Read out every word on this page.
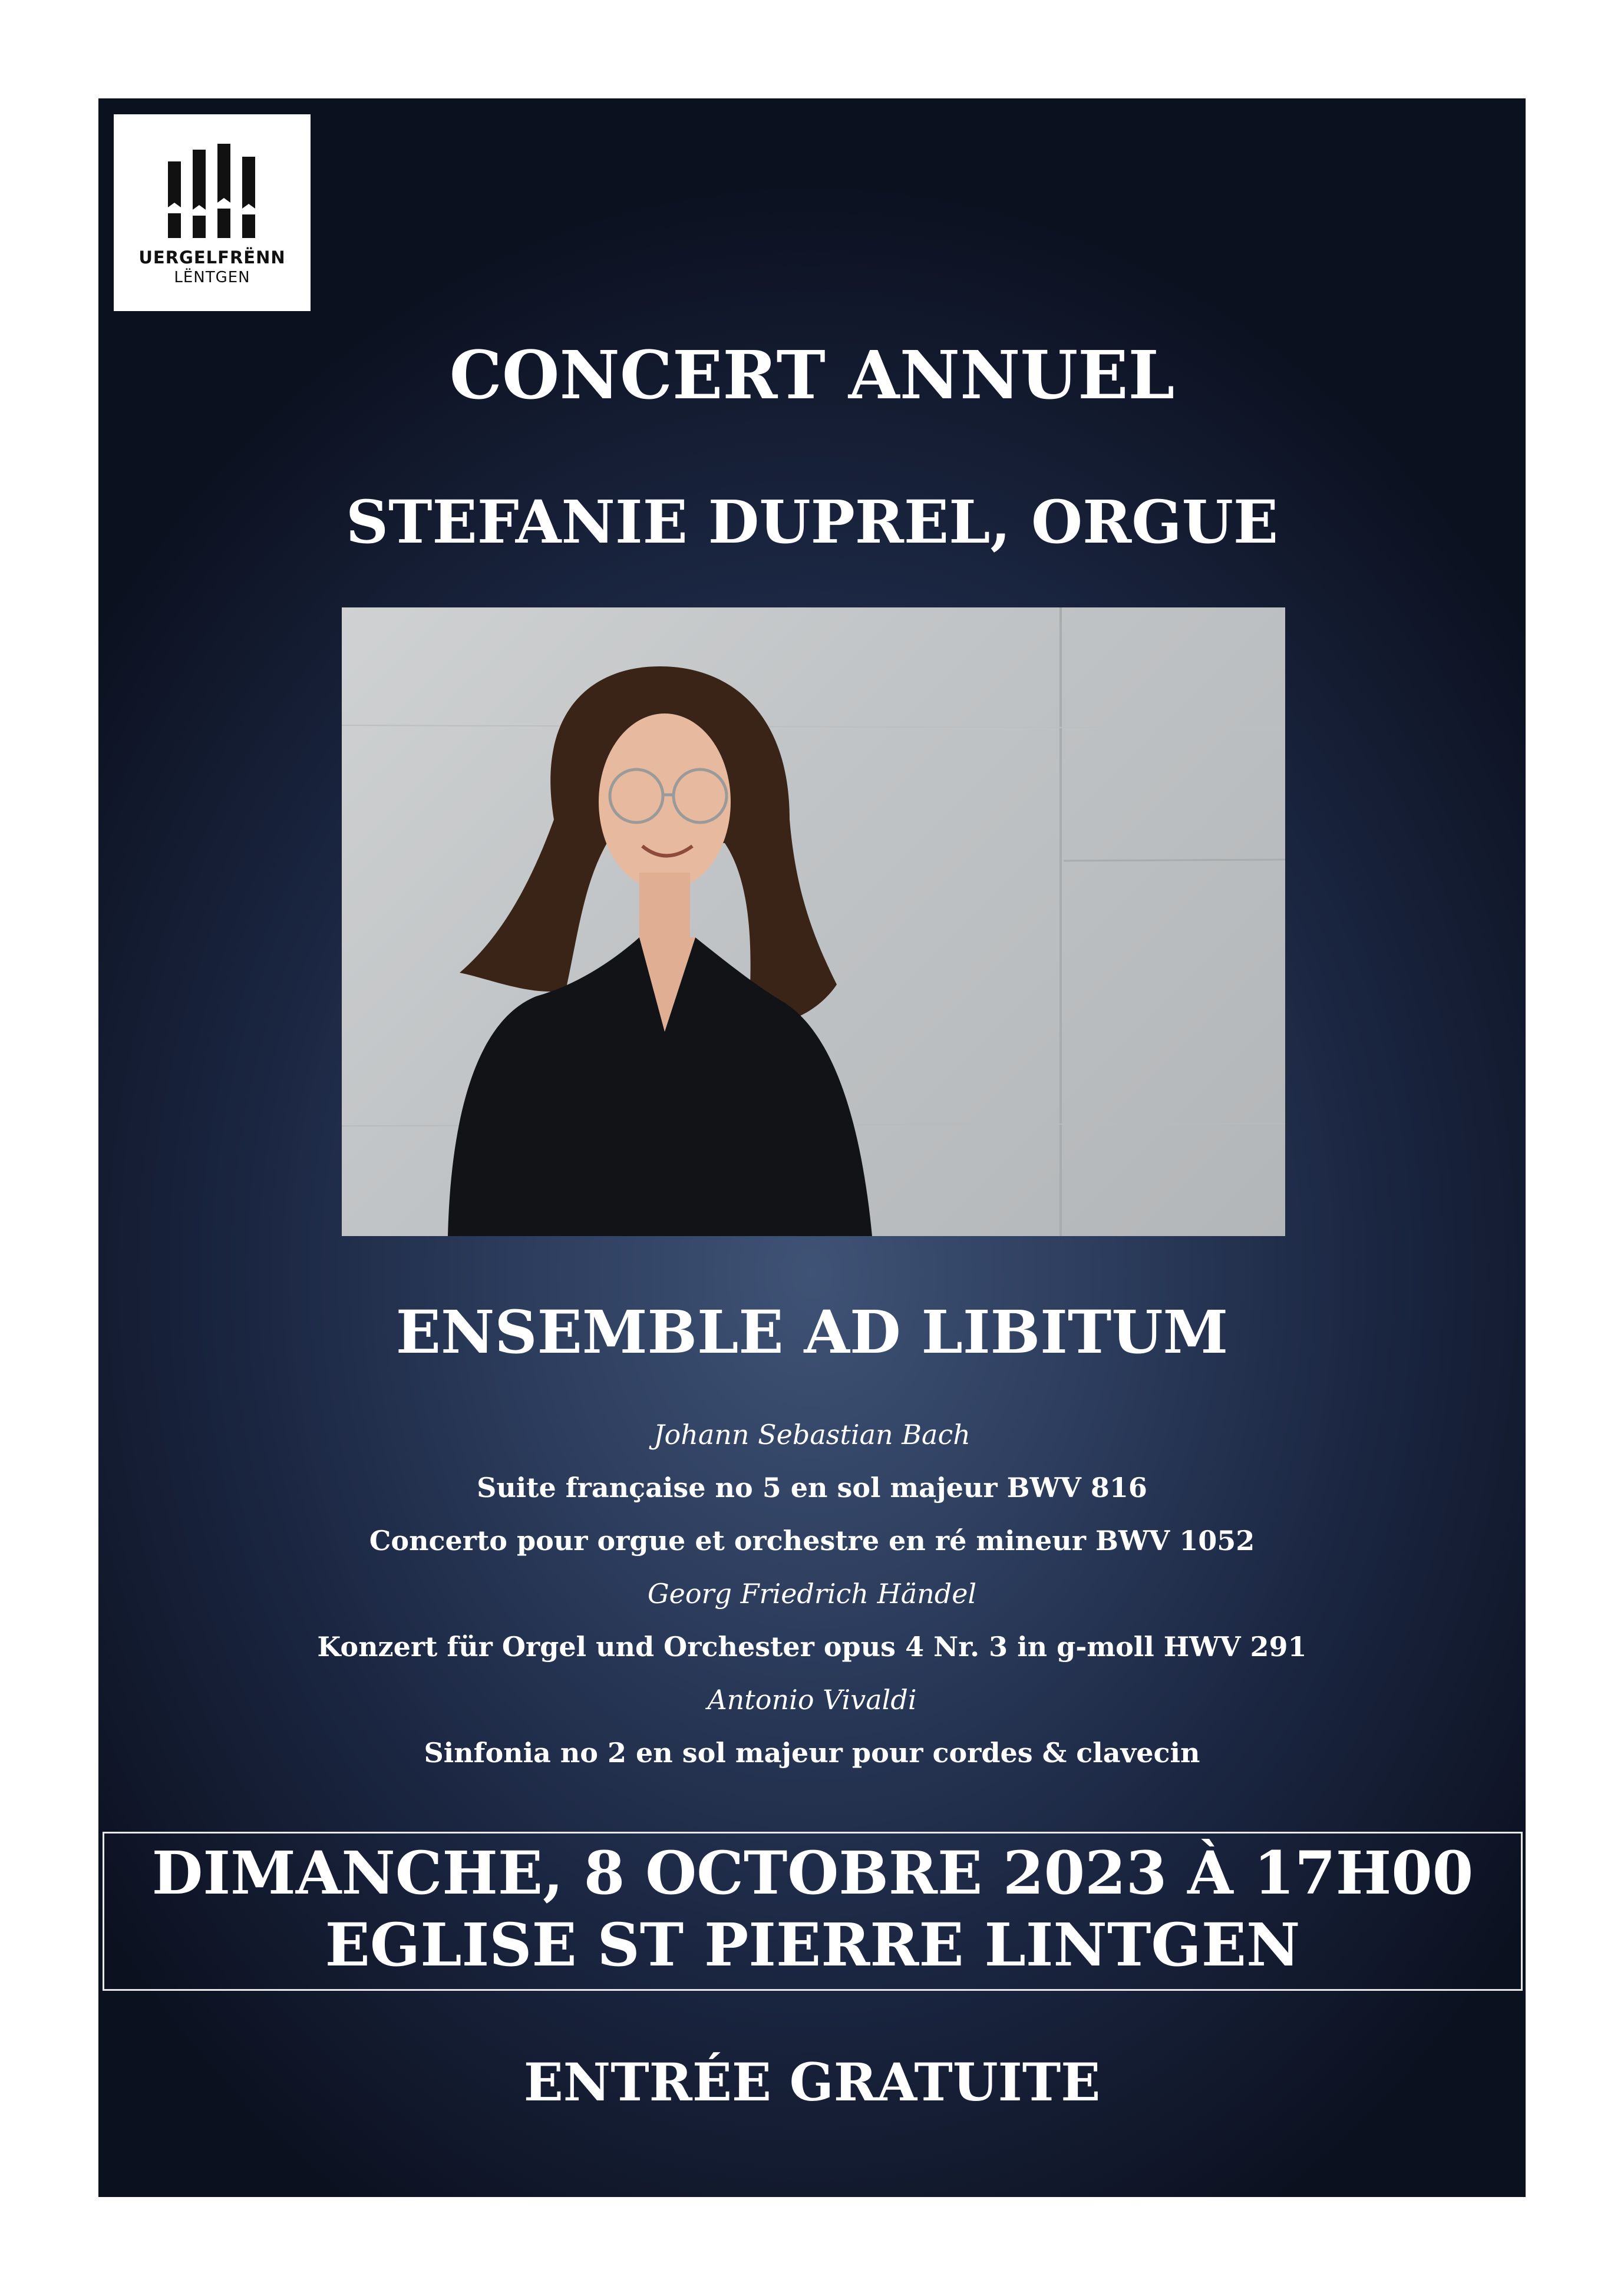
UERGELFRËNN
LËNTGEN
CONCERT ANNUEL
STEFANIE DUPREL, ORGUE
ENSEMBLE AD LIBITUM
Johann Sebastian Bach
Suite française no 5 en sol majeur BWV 816
Concerto pour orgue et orchestre en ré mineur BWV 1052
Georg Friedrich Händel
Konzert für Orgel und Orchester opus 4 Nr. 3 in g-moll HWV 291
Antonio Vivaldi
Sinfonia no 2 en sol majeur pour cordes & clavecin
DIMANCHE, 8 OCTOBRE 2023 À 17H00
EGLISE ST PIERRE LINTGEN
ENTRÉE GRATUITE
